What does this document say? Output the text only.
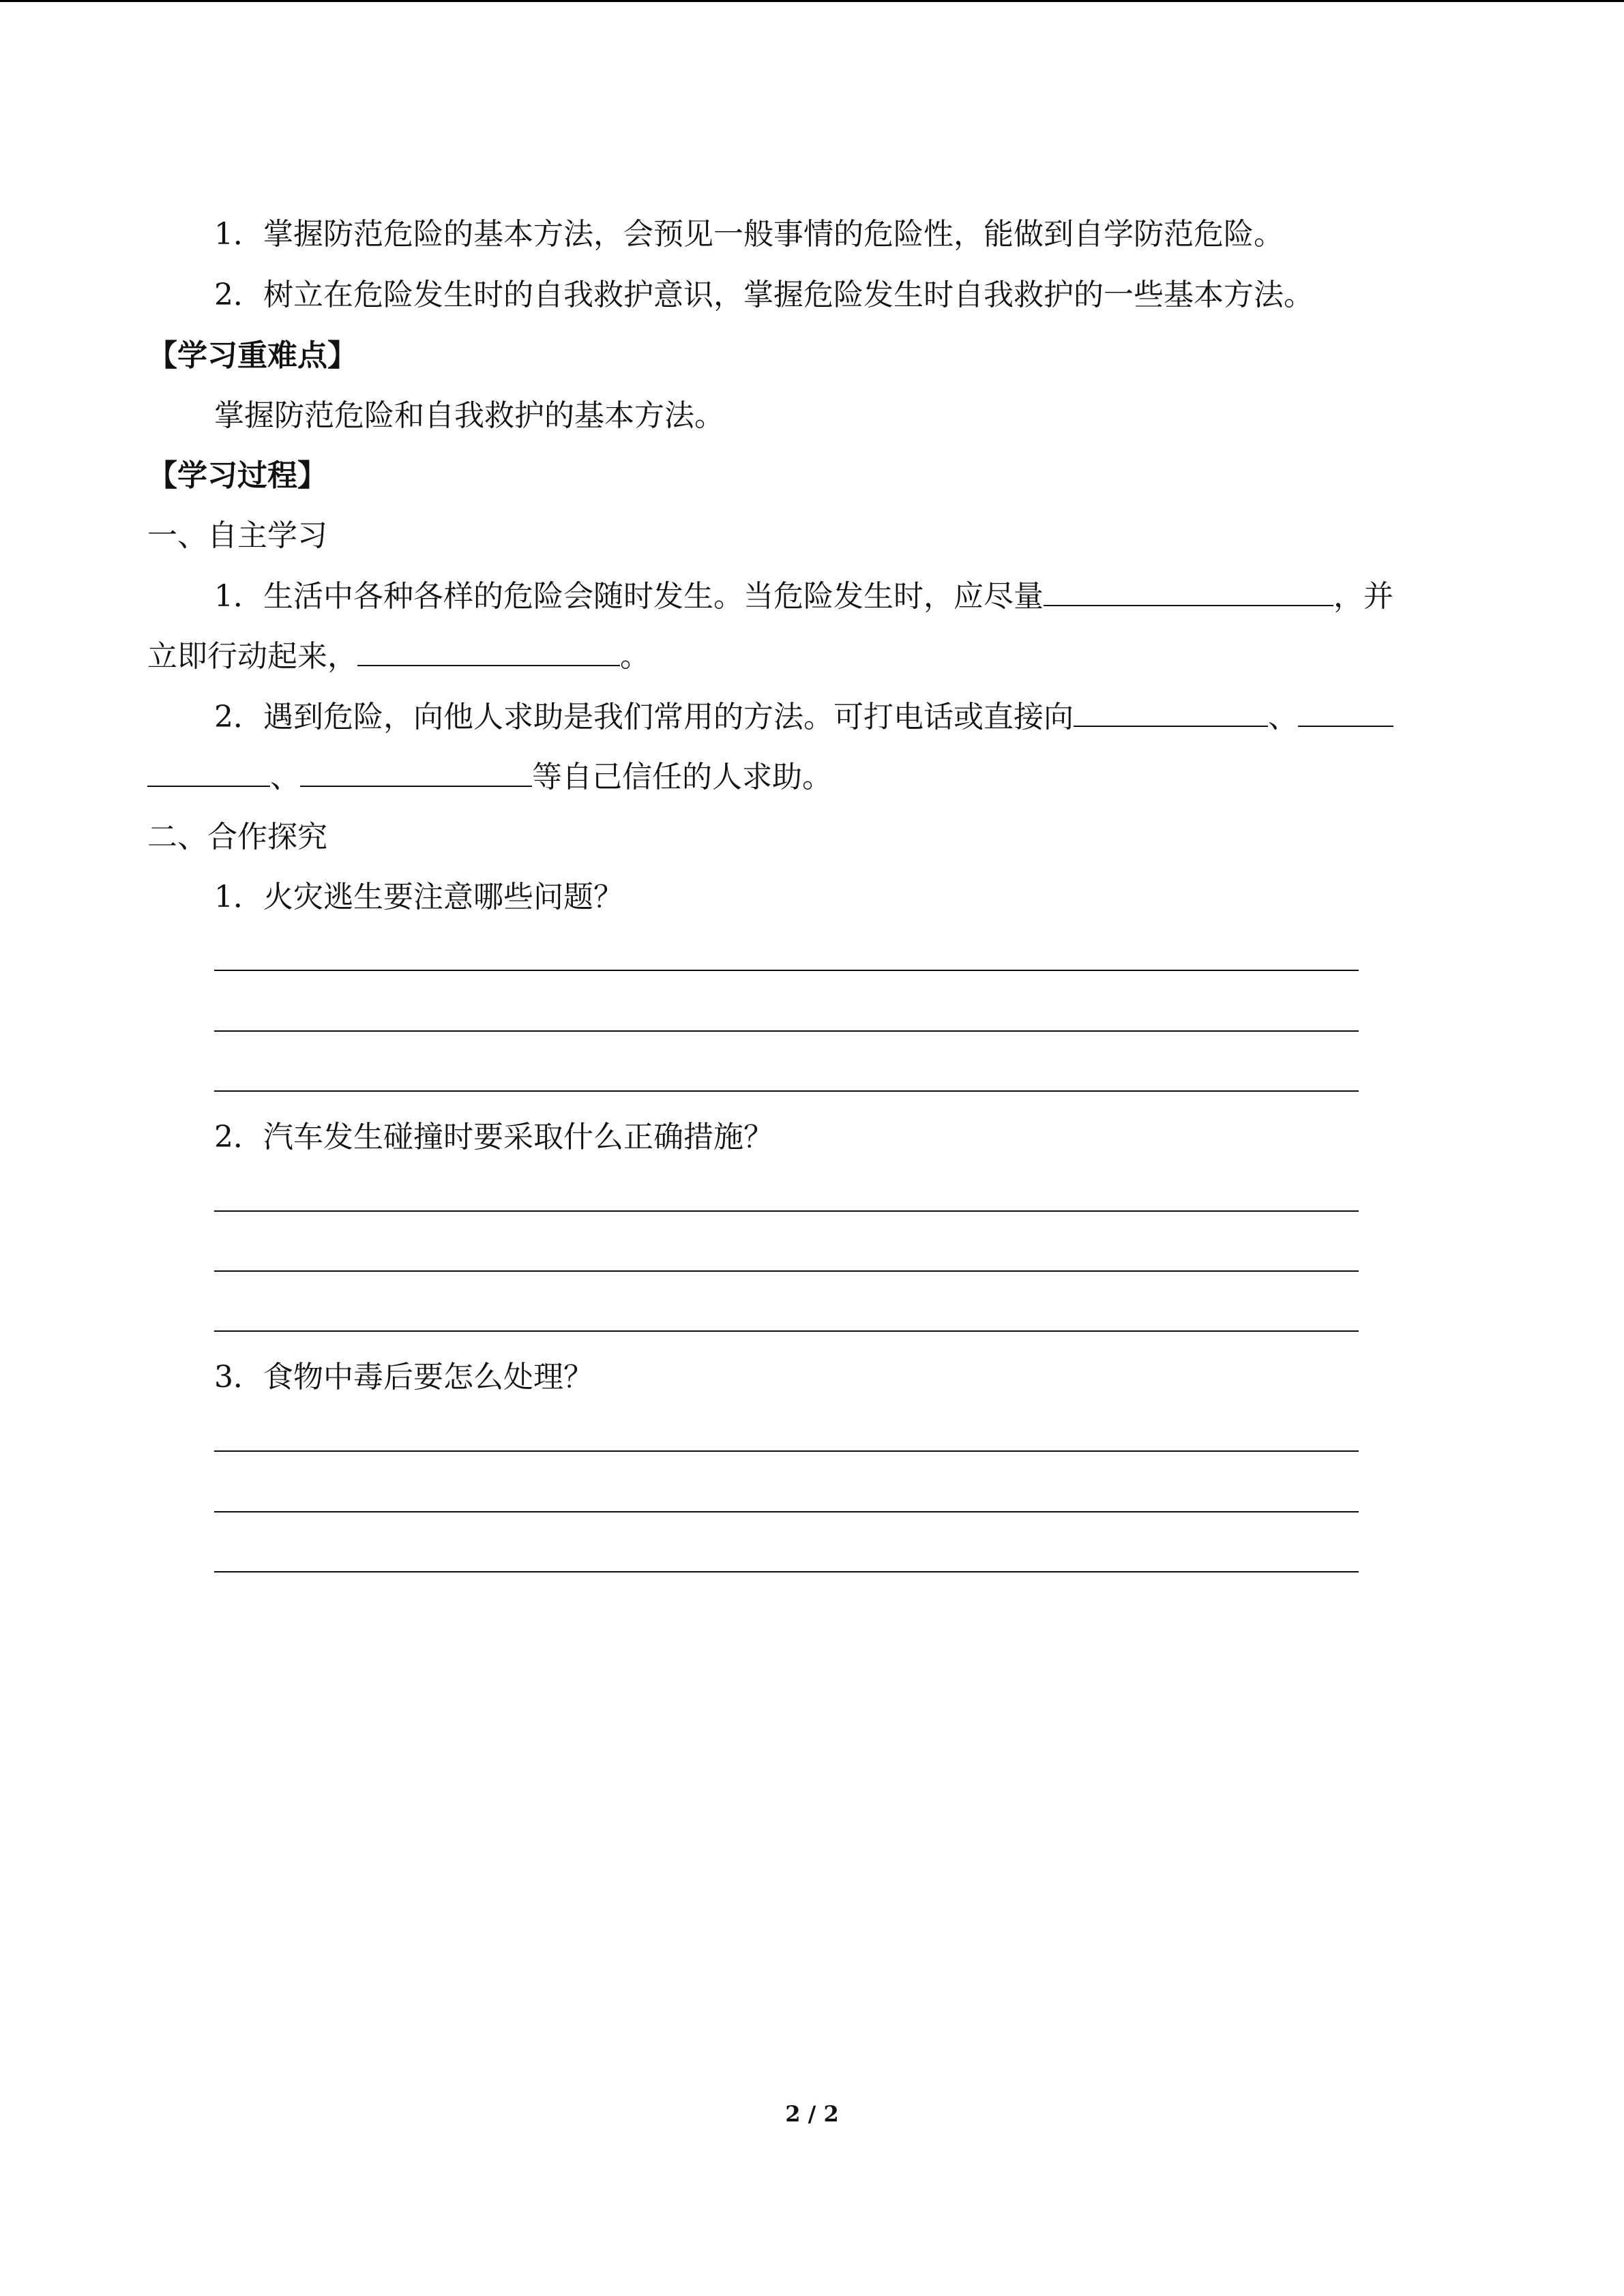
1．掌握防范危险的基本方法，会预见一般事情的危险性，能做到自学防范危险。
2．树立在危险发生时的自我救护意识，掌握危险发生时自我救护的一些基本方法。
【学习重难点】
掌握防范危险和自我救护的基本方法。
【学习过程】
一、自主学习
1．生活中各种各样的危险会随时发生。当危险发生时，应尽量	，并
立即行动起来，	。
2．遇到危险，向他人求助是我们常用的方法。可打电话或直接向	、
、	等自己信任的人求助。
二、合作探究
1．火灾逃生要注意哪些问题？
2．汽车发生碰撞时要采取什么正确措施？
3．食物中毒后要怎么处理？
2 / 2
